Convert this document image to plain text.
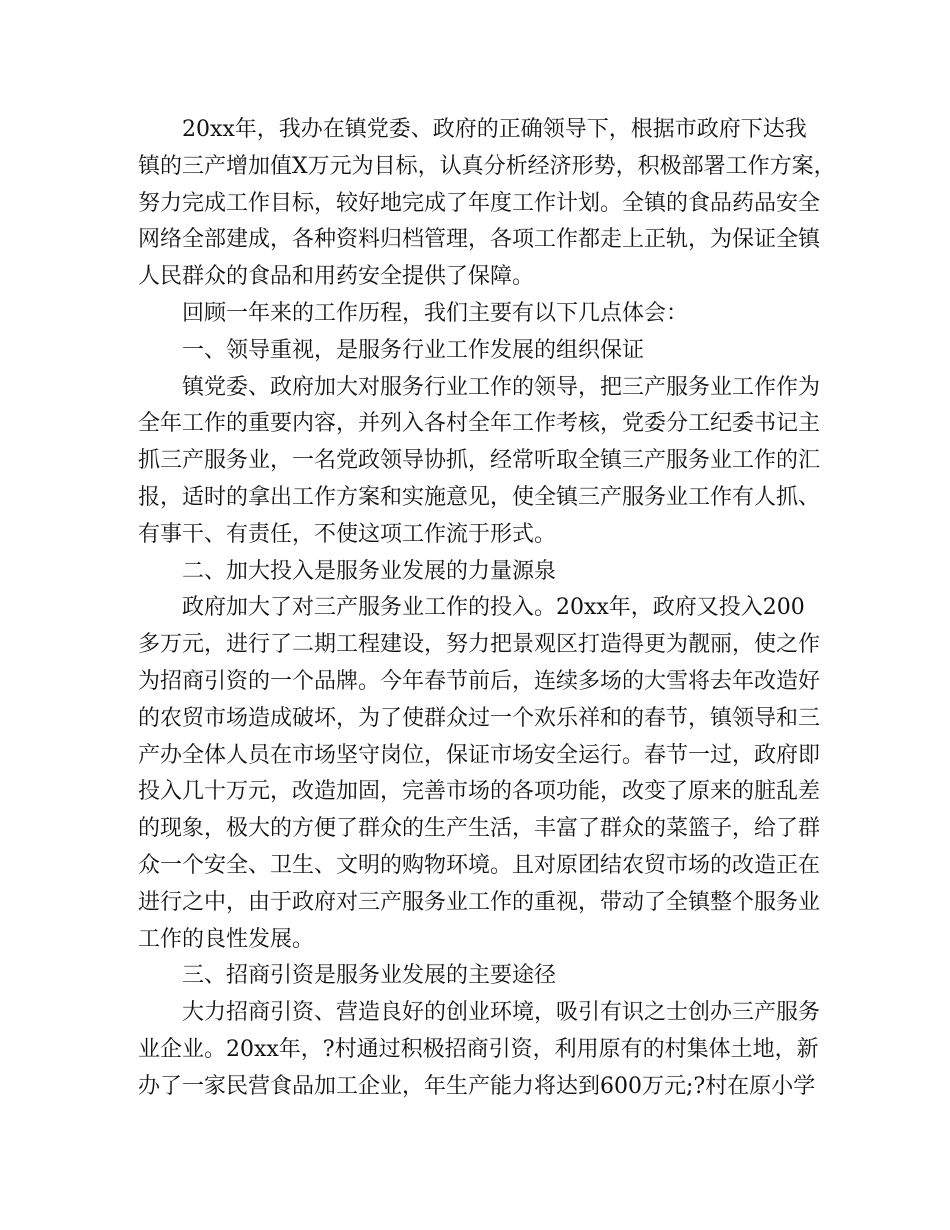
20xx年，我办在镇党委、政府的正确领导下，根据市政府下达我
镇的三产增加值X万元为目标，认真分析经济形势，积极部署工作方案，
努力完成工作目标，较好地完成了年度工作计划。全镇的食品药品安全
网络全部建成，各种资料归档管理，各项工作都走上正轨，为保证全镇
人民群众的食品和用药安全提供了保障。
回顾一年来的工作历程，我们主要有以下几点体会：
一、领导重视，是服务行业工作发展的组织保证
镇党委、政府加大对服务行业工作的领导，把三产服务业工作作为
全年工作的重要内容，并列入各村全年工作考核，党委分工纪委书记主
抓三产服务业，一名党政领导协抓，经常听取全镇三产服务业工作的汇
报，适时的拿出工作方案和实施意见，使全镇三产服务业工作有人抓、
有事干、有责任，不使这项工作流于形式。
二、加大投入是服务业发展的力量源泉
政府加大了对三产服务业工作的投入。20xx年，政府又投入200
多万元，进行了二期工程建设，努力把景观区打造得更为靓丽，使之作
为招商引资的一个品牌。今年春节前后，连续多场的大雪将去年改造好
的农贸市场造成破坏，为了使群众过一个欢乐祥和的春节，镇领导和三
产办全体人员在市场坚守岗位，保证市场安全运行。春节一过，政府即
投入几十万元，改造加固，完善市场的各项功能，改变了原来的脏乱差
的现象，极大的方便了群众的生产生活，丰富了群众的菜篮子，给了群
众一个安全、卫生、文明的购物环境。且对原团结农贸市场的改造正在
进行之中，由于政府对三产服务业工作的重视，带动了全镇整个服务业
工作的良性发展。
三、招商引资是服务业发展的主要途径
大力招商引资、营造良好的创业环境，吸引有识之士创办三产服务
业企业。20xx年，?村通过积极招商引资，利用原有的村集体土地，新
办了一家民营食品加工企业，年生产能力将达到600万元;?村在原小学
